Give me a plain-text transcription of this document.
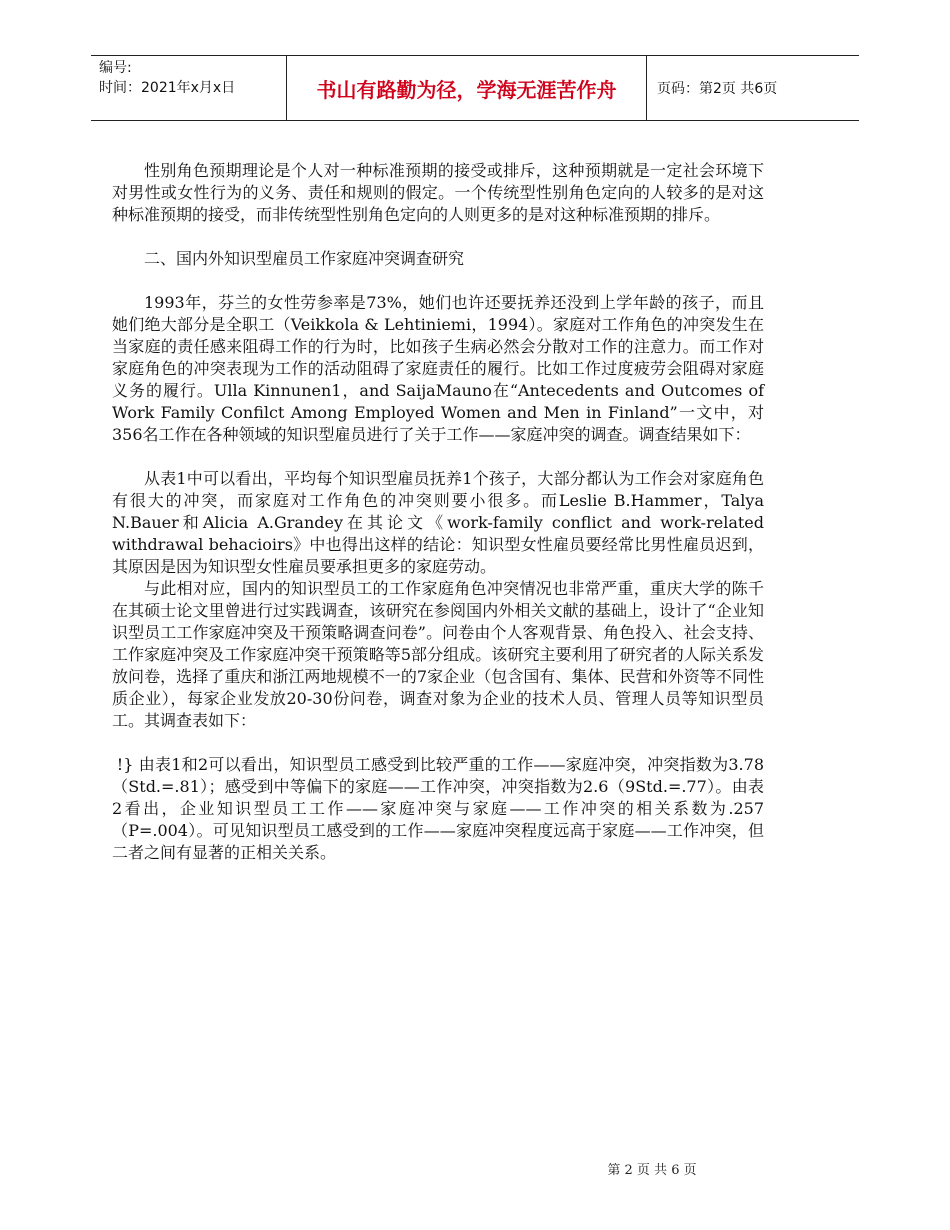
编号:
时间：2021年x月x日	书山有路勤为径，学海无涯苦作舟	页码：第2页 共6页

性别角色预期理论是个人对一种标准预期的接受或排斥，这种预期就是一定社会环境下对男性或女性行为的义务、责任和规则的假定。一个传统型性别角色定向的人较多的是对这种标准预期的接受，而非传统型性别角色定向的人则更多的是对这种标准预期的排斥。

二、国内外知识型雇员工作家庭冲突调查研究

1993年，芬兰的女性劳参率是73%，她们也许还要抚养还没到上学年龄的孩子，而且她们绝大部分是全职工（Veikkola & Lehtiniemi，1994）。家庭对工作角色的冲突发生在当家庭的责任感来阻碍工作的行为时，比如孩子生病必然会分散对工作的注意力。而工作对家庭角色的冲突表现为工作的活动阻碍了家庭责任的履行。比如工作过度疲劳会阻碍对家庭义务的履行。Ulla Kinnunen1，and SaijaMauno在“Antecedents and Outcomes of Work Family Confilct Among Employed Women and Men in Finland”一文中，对356名工作在各种领域的知识型雇员进行了关于工作——家庭冲突的调查。调查结果如下：

从表1中可以看出，平均每个知识型雇员抚养1个孩子，大部分都认为工作会对家庭角色有很大的冲突，而家庭对工作角色的冲突则要小很多。而Leslie B.Hammer，Talya N.Bauer和Alicia A.Grandey在其论文《work-family conflict and work-related withdrawal behacioirs》中也得出这样的结论：知识型女性雇员要经常比男性雇员迟到，其原因是因为知识型女性雇员要承担更多的家庭劳动。

与此相对应，国内的知识型员工的工作家庭角色冲突情况也非常严重，重庆大学的陈千在其硕士论文里曾进行过实践调查，该研究在参阅国内外相关文献的基础上，设计了“企业知识型员工工作家庭冲突及干预策略调查问卷”。问卷由个人客观背景、角色投入、社会支持、工作家庭冲突及工作家庭冲突干预策略等5部分组成。该研究主要利用了研究者的人际关系发放问卷，选择了重庆和浙江两地规模不一的7家企业（包含国有、集体、民营和外资等不同性质企业），每家企业发放20-30份问卷，调查对象为企业的技术人员、管理人员等知识型员工。其调查表如下：

!} 由表1和2可以看出，知识型员工感受到比较严重的工作——家庭冲突，冲突指数为3.78（Std.=.81）；感受到中等偏下的家庭——工作冲突，冲突指数为2.6（9Std.=.77）。由表2看出，企业知识型员工工作——家庭冲突与家庭——工作冲突的相关系数为.257（P=.004）。可见知识型员工感受到的工作——家庭冲突程度远高于家庭——工作冲突，但二者之间有显著的正相关关系。

第 2 页 共 6 页
